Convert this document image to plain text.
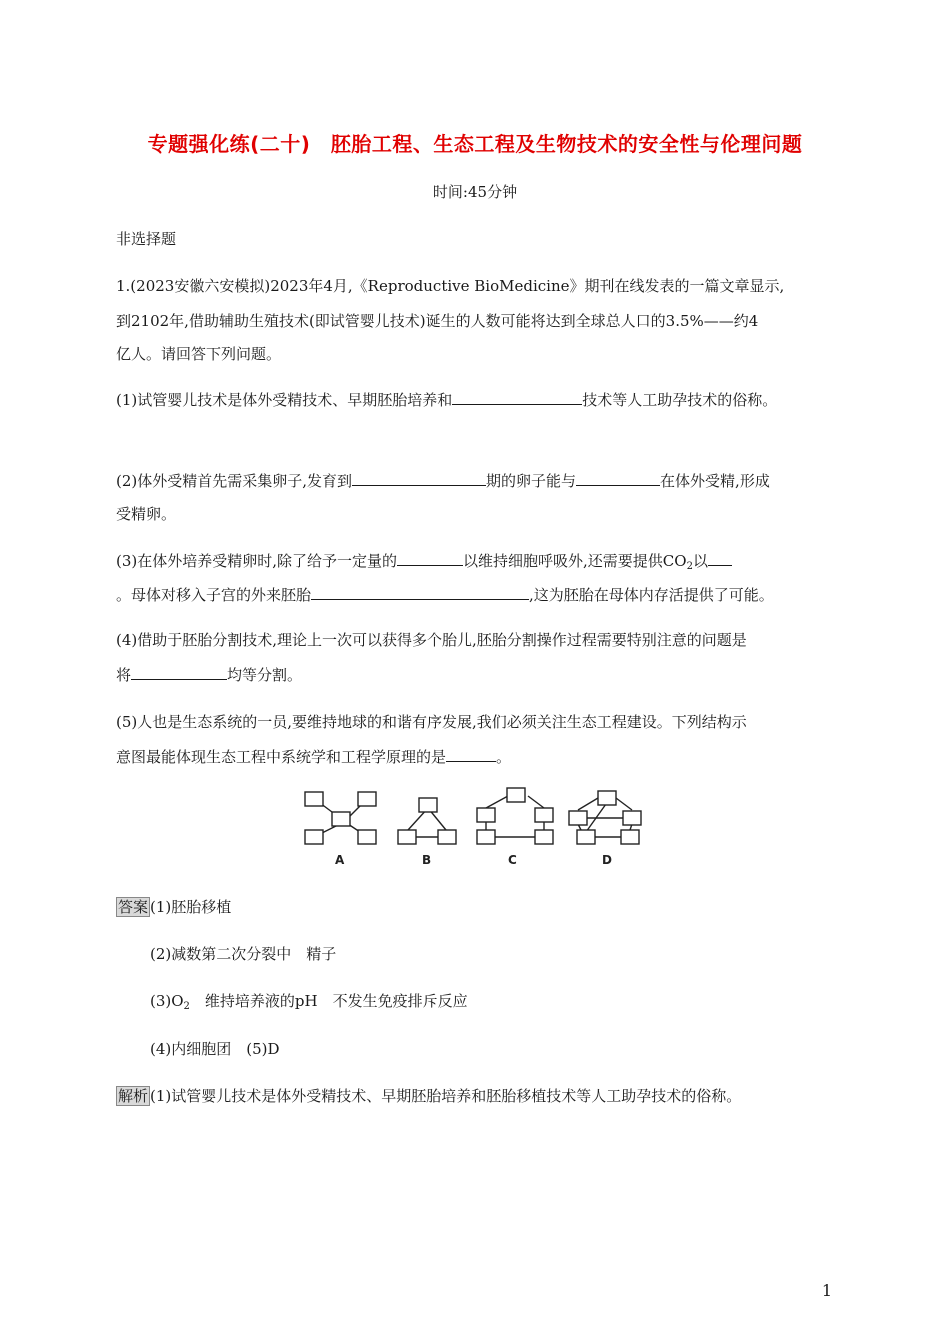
专题强化练(二十)　胚胎工程、生态工程及生物技术的安全性与伦理问题
时间:45分钟
非选择题
1.(2023安徽六安模拟)2023年4月,《Reproductive BioMedicine》期刊在线发表的一篇文章显示,
到2102年,借助辅助生殖技术(即试管婴儿技术)诞生的人数可能将达到全球总人口的3.5%——约4
亿人。请回答下列问题。
(1)试管婴儿技术是体外受精技术、早期胚胎培养和	技术等人工助孕技术的俗称。
(2)体外受精首先需采集卵子,发育到	期的卵子能与	在体外受精,形成
受精卵。
(3)在体外培养受精卵时,除了给予一定量的	以维持细胞呼吸外,还需要提供$CO_2$以
。母体对移入子宫的外来胚胎	,这为胚胎在母体内存活提供了可能。
(4)借助于胚胎分割技术,理论上一次可以获得多个胎儿,胚胎分割操作过程需要特别注意的问题是
将	均等分割。
(5)人也是生态系统的一员,要维持地球的和谐有序发展,我们必须关注生态工程建设。下列结构示
意图最能体现生态工程中系统学和工程学原理的是	。
A	B	C	D
答案 (1)胚胎移植
(2)减数第二次分裂中　精子
$(3)O_2$　维持培养液的pH　不发生免疫排斥反应
(4)内细胞团　(5)D
解析 (1)试管婴儿技术是体外受精技术、早期胚胎培养和胚胎移植技术等人工助孕技术的俗称。
1
